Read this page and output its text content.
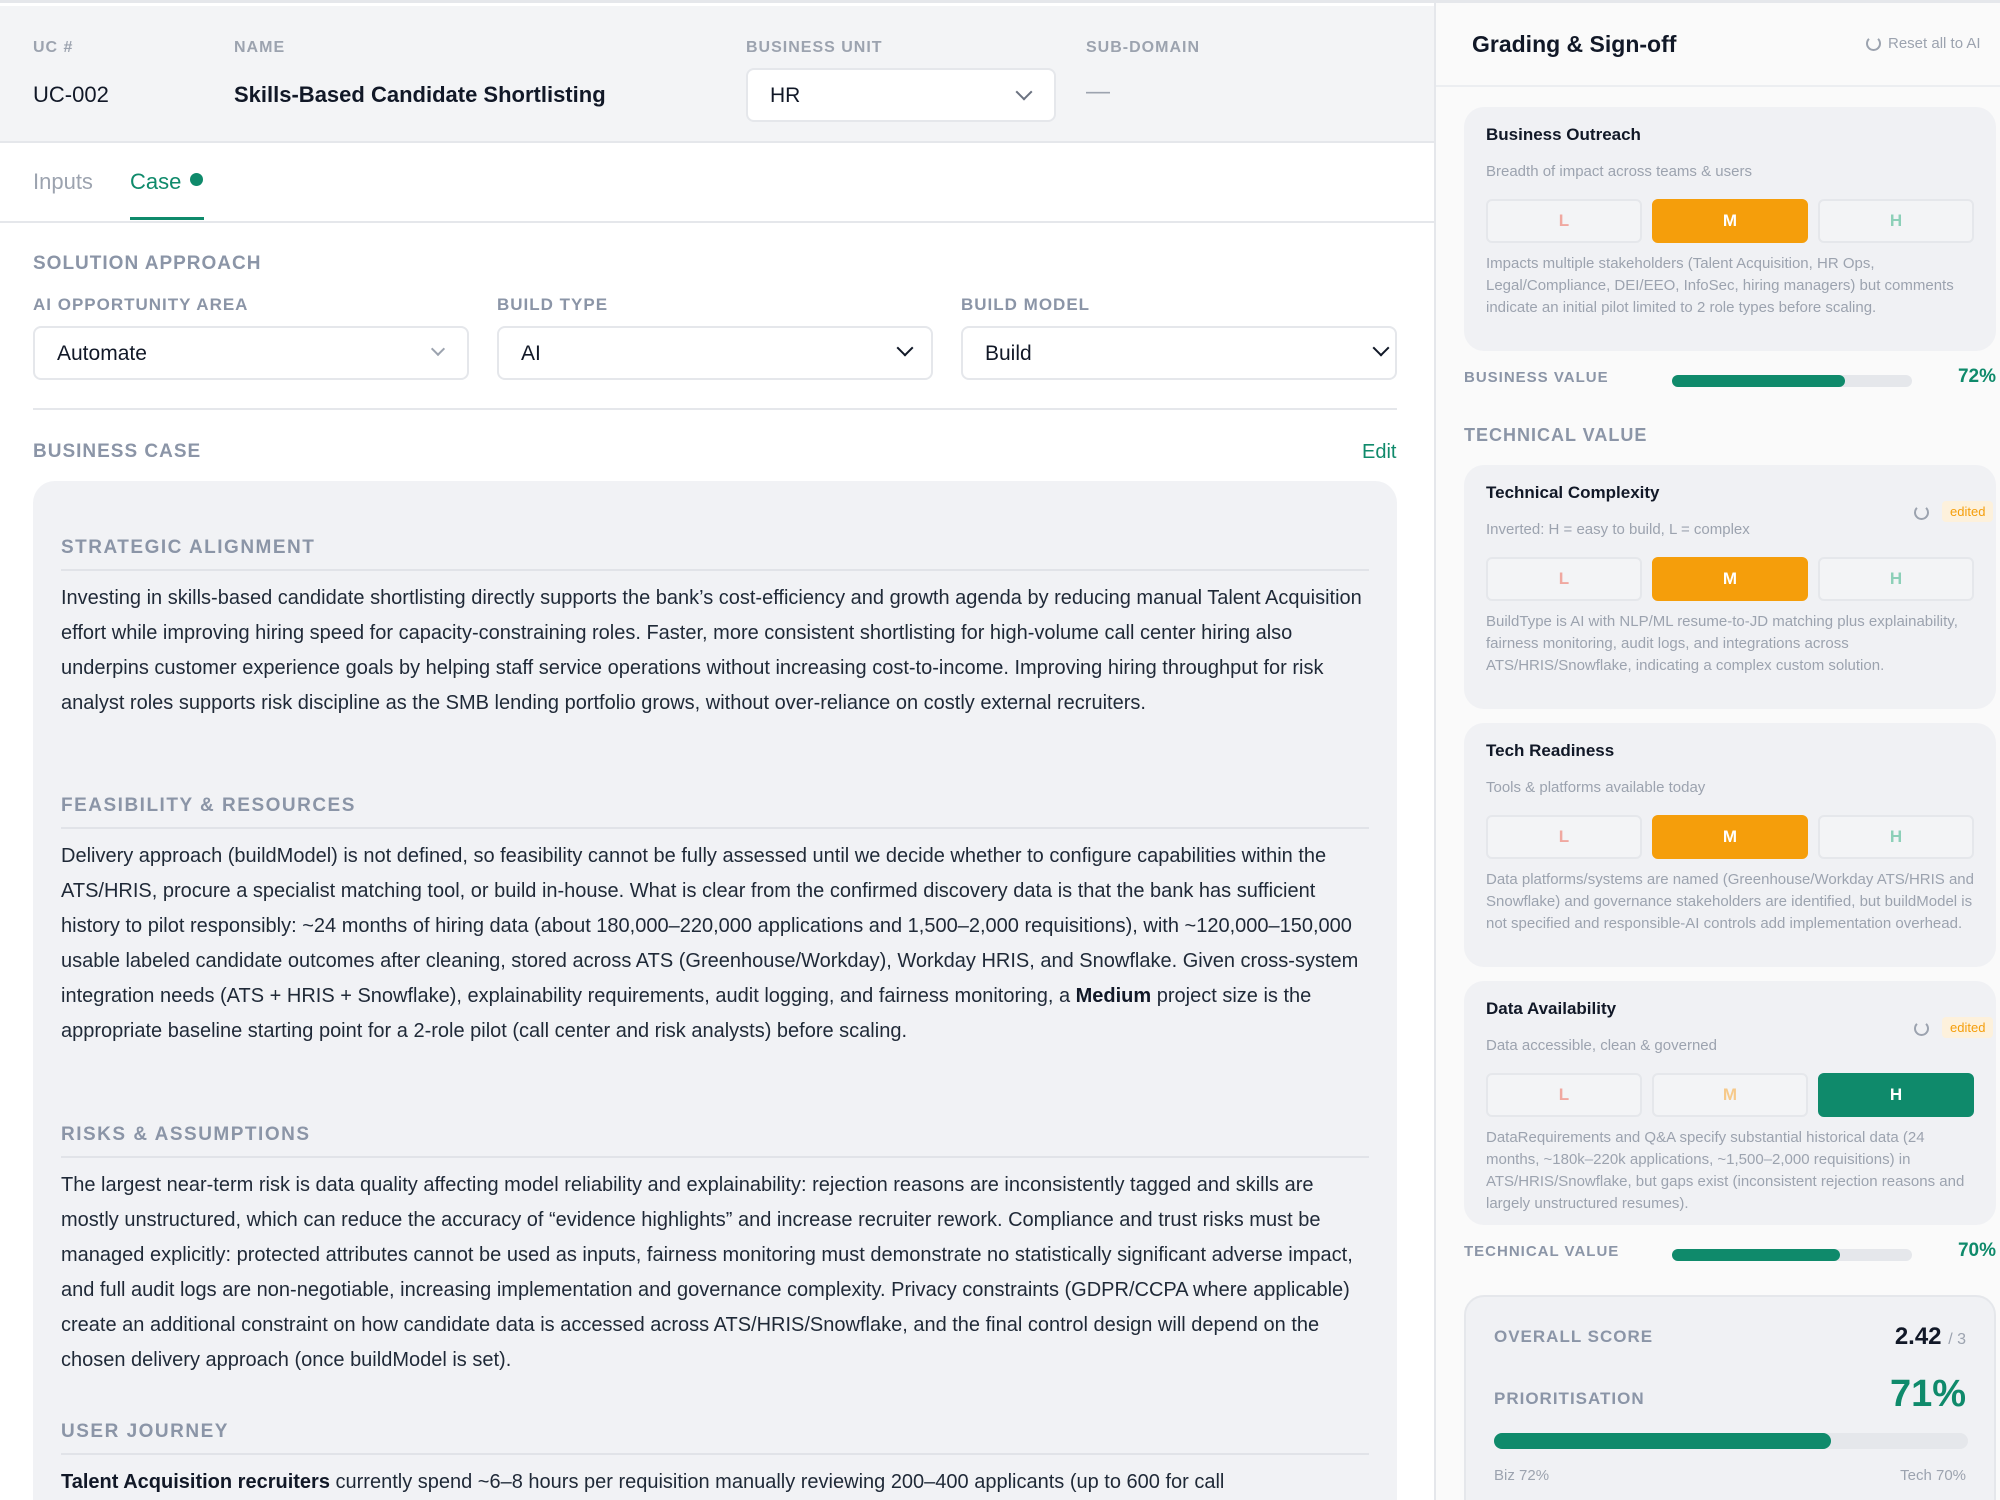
UC #
UC-002
NAME
Skills-Based Candidate Shortlisting
BUSINESS UNIT
HR
SUB-DOMAIN
—
Inputs Case
SOLUTION APPROACH
AI OPPORTUNITY AREA
Automate
BUILD TYPE
AI
BUILD MODEL
Build
BUSINESS CASE	Edit
STRATEGIC ALIGNMENT
Investing in skills-based candidate shortlisting directly supports the bank’s cost-efficiency and growth agenda by reducing manual Talent Acquisition effort while improving hiring speed for capacity-constraining roles. Faster, more consistent shortlisting for high-volume call center hiring also underpins customer experience goals by helping staff service operations without increasing cost-to-income. Improving hiring throughput for risk analyst roles supports risk discipline as the SMB lending portfolio grows, without over-reliance on costly external recruiters.
FEASIBILITY & RESOURCES
Delivery approach (buildModel) is not defined, so feasibility cannot be fully assessed until we decide whether to configure capabilities within the ATS/HRIS, procure a specialist matching tool, or build in-house. What is clear from the confirmed discovery data is that the bank has sufficient history to pilot responsibly: ~24 months of hiring data (about 180,000–220,000 applications and 1,500–2,000 requisitions), with ~120,000–150,000 usable labeled candidate outcomes after cleaning, stored across ATS (Greenhouse/Workday), Workday HRIS, and Snowflake. Given cross-system integration needs (ATS + HRIS + Snowflake), explainability requirements, audit logging, and fairness monitoring, a Medium project size is the appropriate baseline starting point for a 2-role pilot (call center and risk analysts) before scaling.
RISKS & ASSUMPTIONS
The largest near-term risk is data quality affecting model reliability and explainability: rejection reasons are inconsistently tagged and skills are mostly unstructured, which can reduce the accuracy of “evidence highlights” and increase recruiter rework. Compliance and trust risks must be managed explicitly: protected attributes cannot be used as inputs, fairness monitoring must demonstrate no statistically significant adverse impact, and full audit logs are non-negotiable, increasing implementation and governance complexity. Privacy constraints (GDPR/CCPA where applicable) create an additional constraint on how candidate data is accessed across ATS/HRIS/Snowflake, and the final control design will depend on the chosen delivery approach (once buildModel is set).
USER JOURNEY
Talent Acquisition recruiters currently spend ~6–8 hours per requisition manually reviewing 200–400 applicants (up to 600 for call
Grading & Sign-off	Reset all to AI
Business Outreach
Breadth of impact across teams & users
L	M	H
Impacts multiple stakeholders (Talent Acquisition, HR Ops, Legal/Compliance, DEI/EEO, InfoSec, hiring managers) but comments indicate an initial pilot limited to 2 role types before scaling.
BUSINESS VALUE	72%
TECHNICAL VALUE
Technical Complexity
edited
Inverted: H = easy to build, L = complex
L	M	H
BuildType is AI with NLP/ML resume-to-JD matching plus explainability, fairness monitoring, audit logs, and integrations across ATS/HRIS/Snowflake, indicating a complex custom solution.
Tech Readiness
Tools & platforms available today
L	M	H
Data platforms/systems are named (Greenhouse/Workday ATS/HRIS and Snowflake) and governance stakeholders are identified, but buildModel is not specified and responsible-AI controls add implementation overhead.
Data Availability
edited
Data accessible, clean & governed
L	M	H
DataRequirements and Q&A specify substantial historical data (24 months, ~180k–220k applications, ~1,500–2,000 requisitions) in ATS/HRIS/Snowflake, but gaps exist (inconsistent rejection reasons and largely unstructured resumes).
TECHNICAL VALUE	70%
OVERALL SCORE	2.42 / 3
PRIORITISATION	71%
Biz 72%	Tech 70%
